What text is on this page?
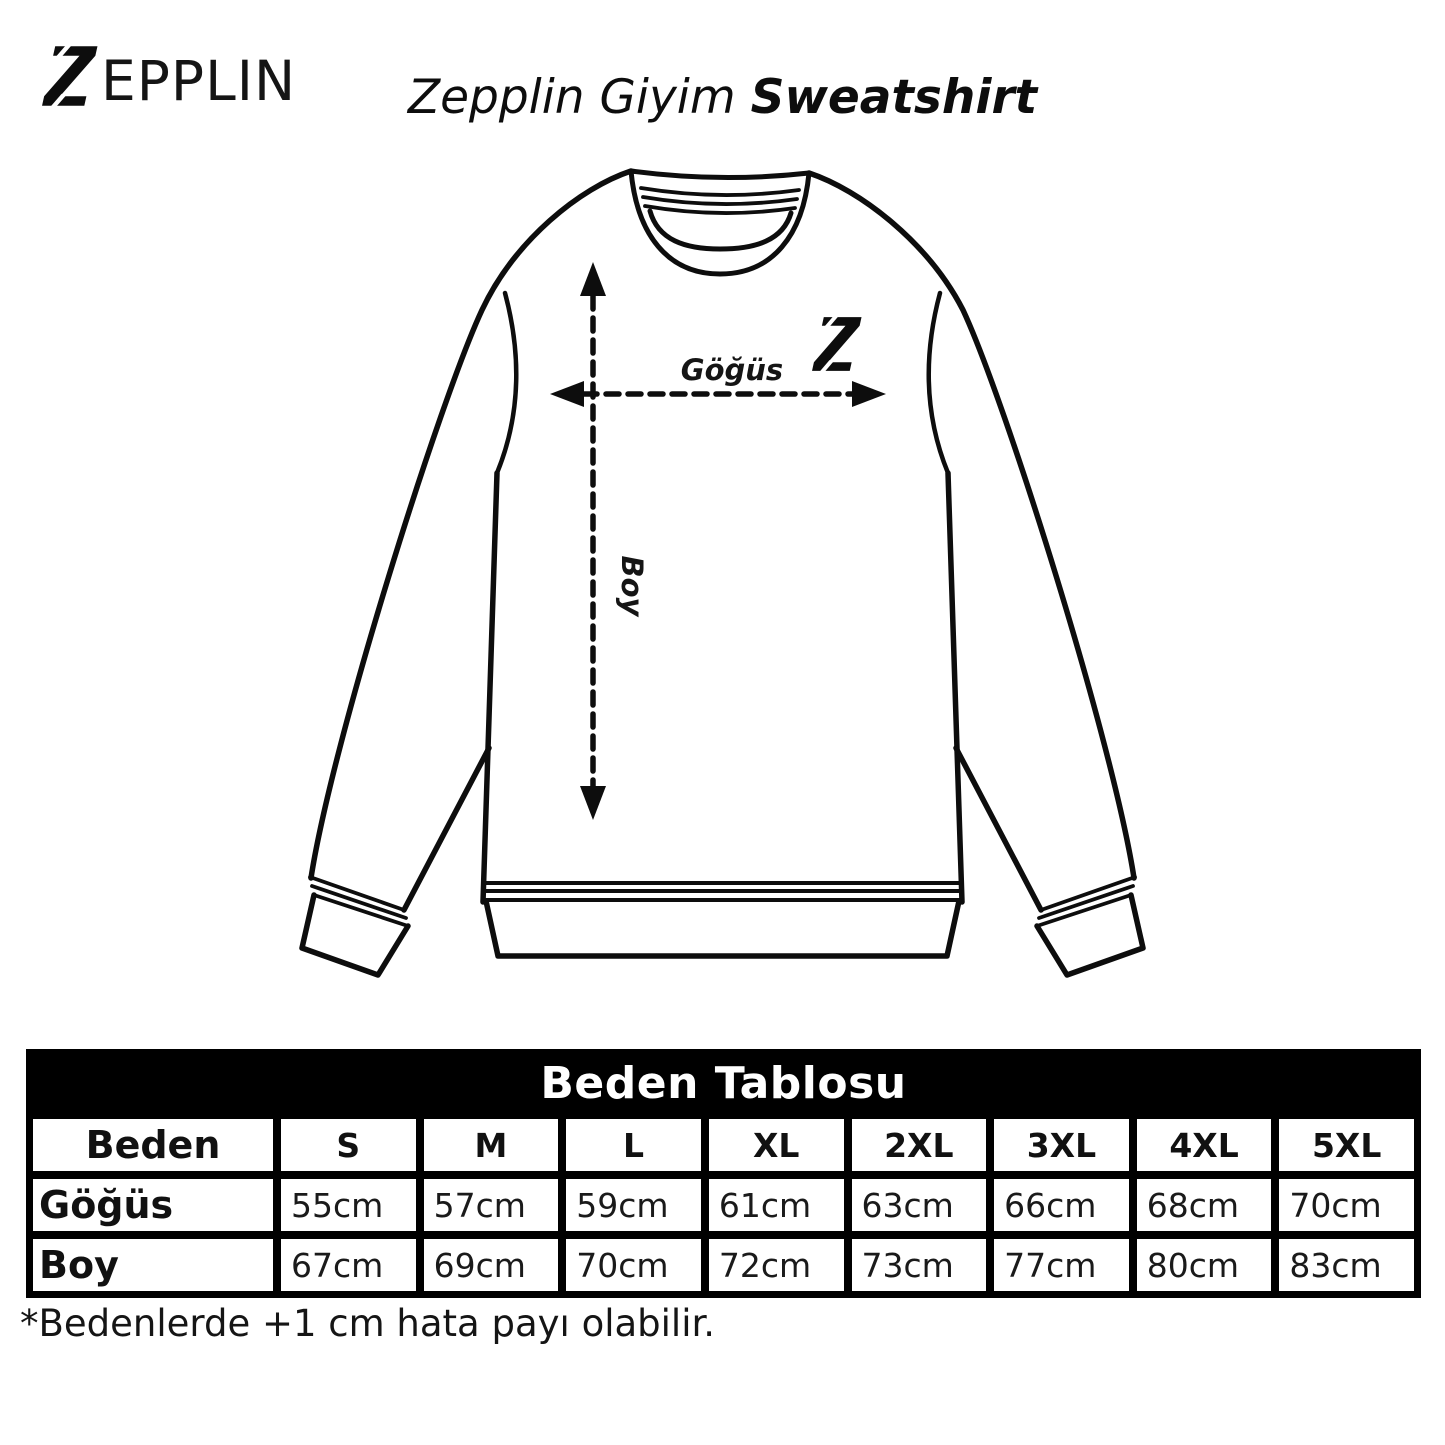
Göğüs
Boy
EPPLIN	Zepplin Giyim Sweatshirt
Beden Tablosu
Beden	S	M	L	XL	2XL	3XL	4XL	5XL
Göğüs	55cm	57cm	59cm	61cm	63cm	66cm	68cm	70cm
Boy	67cm	69cm	70cm	72cm	73cm	77cm	80cm	83cm
*Bedenlerde +1 cm hata payı olabilir.
